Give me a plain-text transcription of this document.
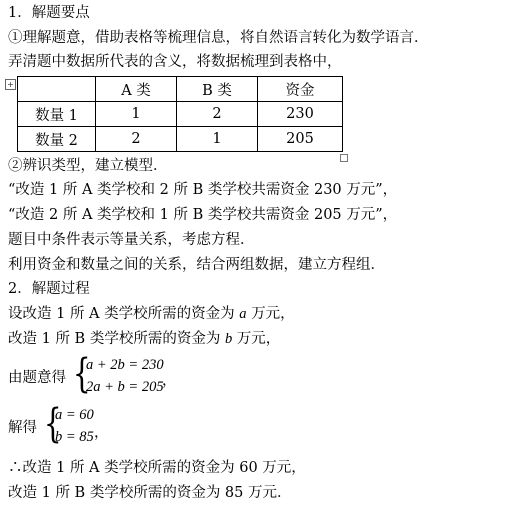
1．解题要点
①理解题意，借助表格等梳理信息，将自然语言转化为数学语言．
弄清题中数据所代表的含义，将数据梳理到表格中，
+
		A 类	B 类	资金
数量 1	1	2	230
数量 2	2	1	205
②辨识类型，建立模型．
“改造 1 所 A 类学校和 2 所 B 类学校共需资金 230 万元”，
“改造 2 所 A 类学校和 1 所 B 类学校共需资金 205 万元”，
题目中条件表示等量关系，考虑方程．
利用资金和数量之间的关系，结合两组数据，建立方程组．
2．解题过程
设改造 1 所 A 类学校所需的资金为 a 万元，
改造 1 所 B 类学校所需的资金为 b 万元，
由题意得 {
a + 2b = 230
2a + b = 205
，
解得 {
a = 60
b = 85 ，
∴改造 1 所 A 类学校所需的资金为 60 万元，
改造 1 所 B 类学校所需的资金为 85 万元．
